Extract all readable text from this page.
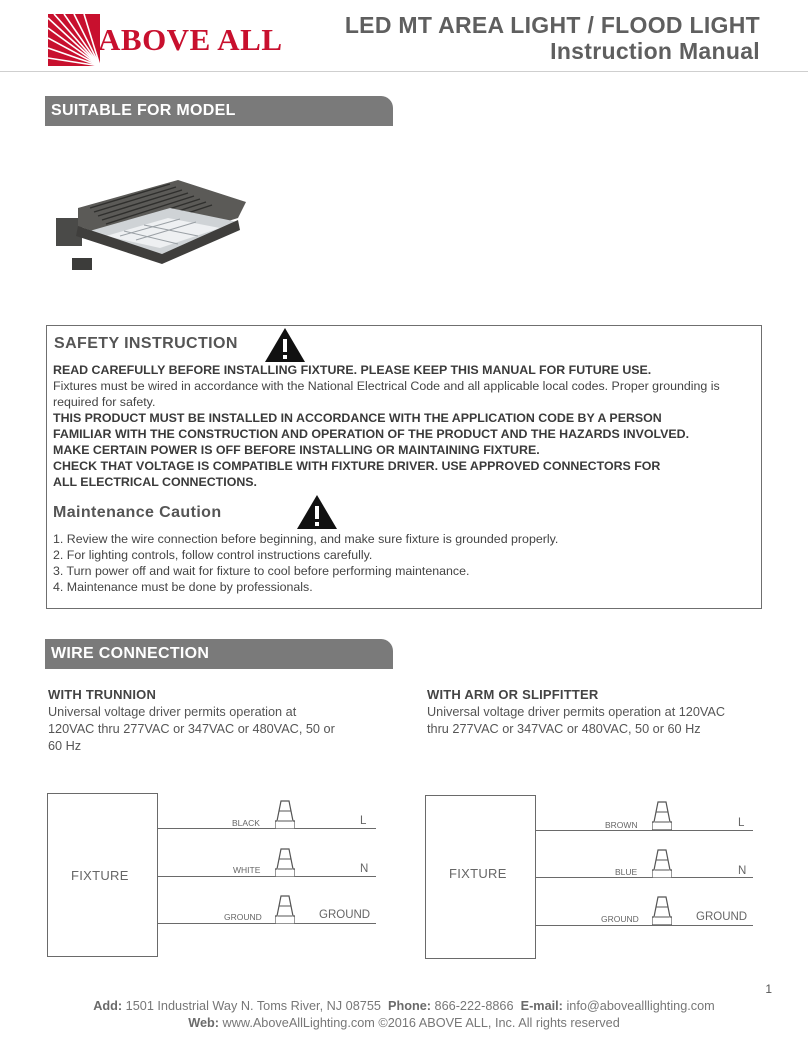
ABOVE ALL	LED MT AREA LIGHT / FLOOD LIGHT
Instruction Manual
SUITABLE FOR MODEL
SAFETY INSTRUCTION
READ CAREFULLY BEFORE INSTALLING FIXTURE. PLEASE KEEP THIS MANUAL FOR FUTURE USE.
Fixtures must be wired in accordance with the National Electrical Code and all applicable local codes. Proper grounding is required for safety.
THIS PRODUCT MUST BE INSTALLED IN ACCORDANCE WITH THE APPLICATION CODE BY A PERSON
FAMILIAR WITH THE CONSTRUCTION AND OPERATION OF THE PRODUCT AND THE HAZARDS INVOLVED.
MAKE CERTAIN POWER IS OFF BEFORE INSTALLING OR MAINTAINING FIXTURE.
CHECK THAT VOLTAGE IS COMPATIBLE WITH FIXTURE DRIVER. USE APPROVED CONNECTORS FOR
ALL ELECTRICAL CONNECTIONS.
Maintenance Caution
1. Review the wire connection before beginning, and make sure fixture is grounded properly.
2. For lighting controls, follow control instructions carefully.
3. Turn power off and wait for fixture to cool before performing maintenance.
4. Maintenance must be done by professionals.
WIRE CONNECTION
WITH TRUNNION
Universal voltage driver permits operation at 120VAC thru 277VAC or 347VAC or 480VAC, 50 or 60 Hz
WITH ARM OR SLIPFITTER
Universal voltage driver permits operation at 120VAC thru 277VAC or 347VAC or 480VAC, 50 or 60 Hz
FIXTURE
BLACK
WHITE
GROUND
L
N
GROUND
FIXTURE
BROWN
BLUE
GROUND
L
N
GROUND
1
Add: 1501 Industrial Way N. Toms River, NJ 08755 Phone: 866-222-8866 E-mail: info@abovealllighting.com
Web: www.AboveAllLighting.com ©2016 ABOVE ALL, Inc. All rights reserved
